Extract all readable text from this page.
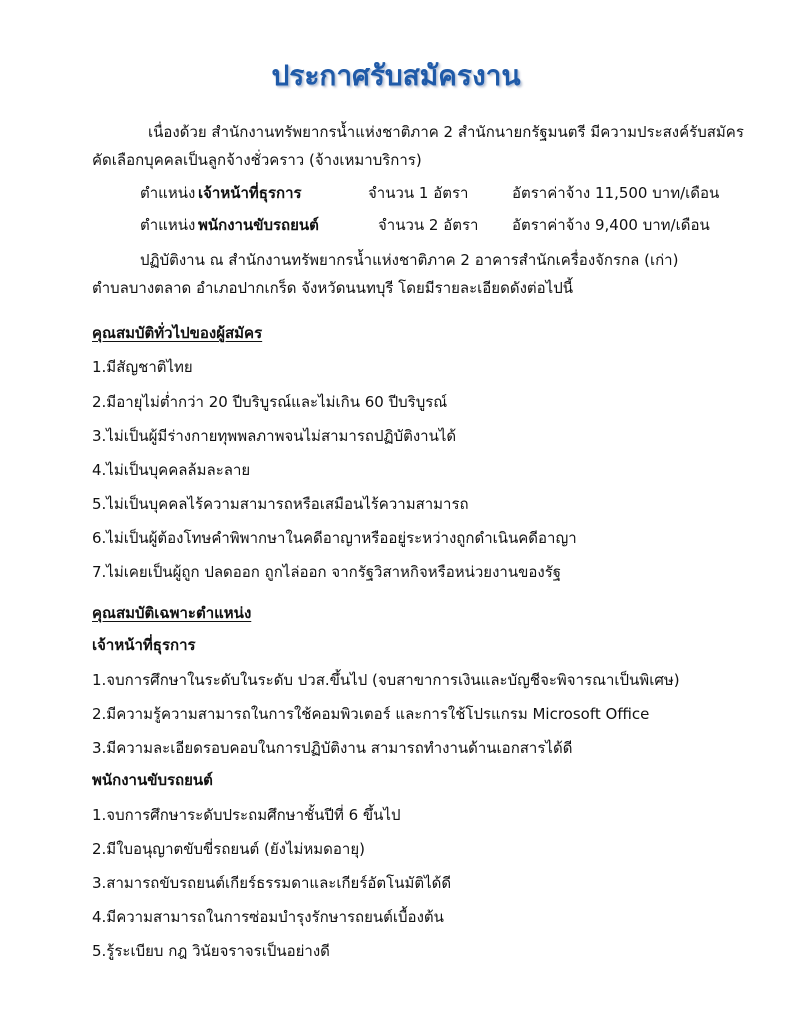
ประกาศรับสมัครงาน
เนื่องด้วย สำนักงานทรัพยากรน้ำแห่งชาติภาค 2 สำนักนายกรัฐมนตรี มีความประสงค์รับสมัคร
คัดเลือกบุคคลเป็นลูกจ้างชั่วคราว (จ้างเหมาบริการ)
ตำแหน่ง เจ้าหน้าที่ธุรการ	จำนวน 1 อัตรา	อัตราค่าจ้าง 11,500 บาท/เดือน
ตำแหน่ง พนักงานขับรถยนต์	จำนวน 2 อัตรา อัตราค่าจ้าง 9,400 บาท/เดือน
ปฏิบัติงาน ณ สำนักงานทรัพยากรน้ำแห่งชาติภาค 2 อาคารสำนักเครื่องจักรกล (เก่า)
ตำบลบางตลาด อำเภอปากเกร็ด จังหวัดนนทบุรี โดยมีรายละเอียดดังต่อไปนี้
คุณสมบัติทั่วไปของผู้สมัคร
1.มีสัญชาติไทย
2.มีอายุไม่ต่ำกว่า 20 ปีบริบูรณ์และไม่เกิน 60 ปีบริบูรณ์
3.ไม่เป็นผู้มีร่างกายทุพพลภาพจนไม่สามารถปฏิบัติงานได้
4.ไม่เป็นบุคคลล้มละลาย
5.ไม่เป็นบุคคลไร้ความสามารถหรือเสมือนไร้ความสามารถ
6.ไม่เป็นผู้ต้องโทษคำพิพากษาในคดีอาญาหรืออยู่ระหว่างถูกดำเนินคดีอาญา
7.ไม่เคยเป็นผู้ถูก ปลดออก ถูกไล่ออก จากรัฐวิสาหกิจหรือหน่วยงานของรัฐ
คุณสมบัติเฉพาะตำแหน่ง
เจ้าหน้าที่ธุรการ
1.จบการศึกษาในระดับในระดับ ปวส.ขึ้นไป (จบสาขาการเงินและบัญชีจะพิจารณาเป็นพิเศษ)
2.มีความรู้ความสามารถในการใช้คอมพิวเตอร์ และการใช้โปรแกรม Microsoft Office
3.มีความละเอียดรอบคอบในการปฏิบัติงาน สามารถทำงานด้านเอกสารได้ดี
พนักงานขับรถยนต์
1.จบการศึกษาระดับประถมศึกษาชั้นปีที่ 6 ขึ้นไป
2.มีใบอนุญาตขับขี่รถยนต์ (ยังไม่หมดอายุ)
3.สามารถขับรถยนต์เกียร์ธรรมดาและเกียร์อัตโนมัติได้ดี
4.มีความสามารถในการซ่อมบำรุงรักษารถยนต์เบื้องต้น
5.รู้ระเบียบ กฎ วินัยจราจรเป็นอย่างดี
